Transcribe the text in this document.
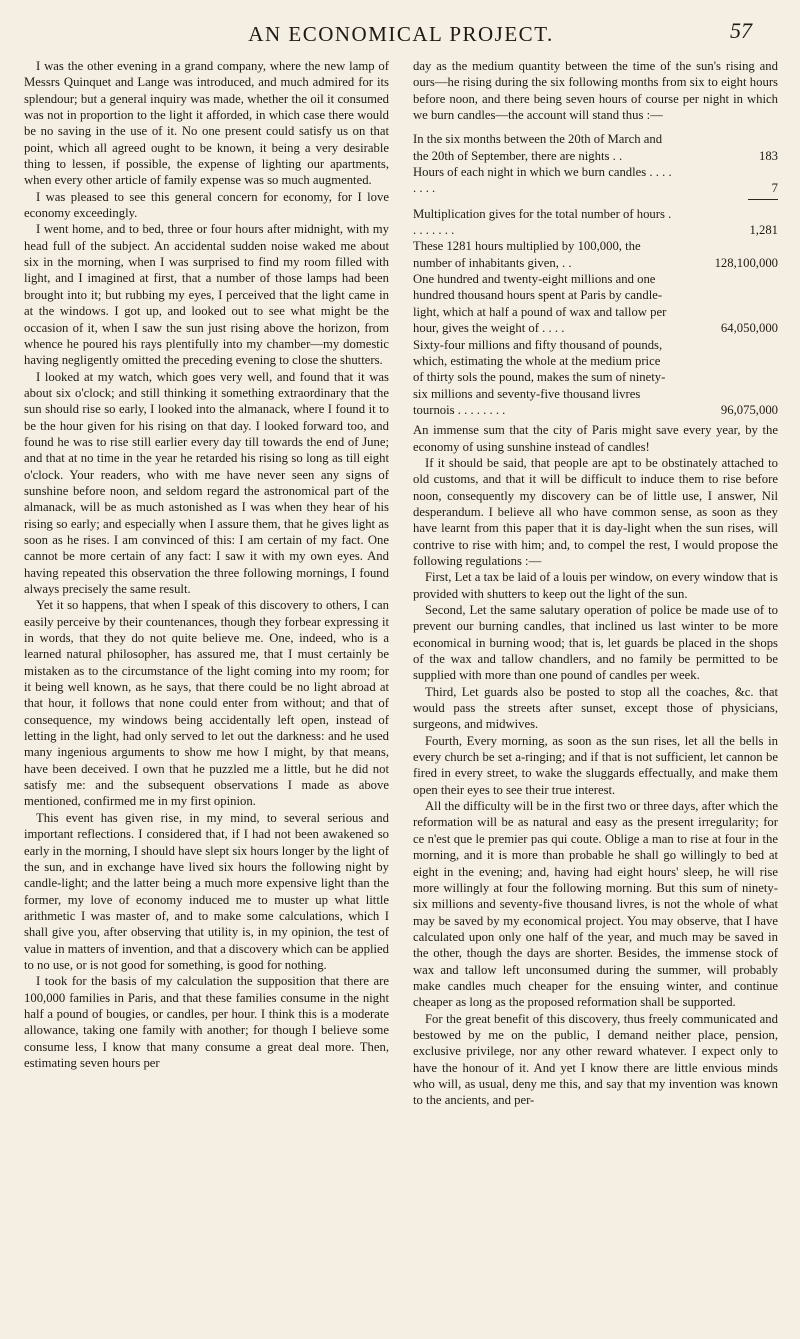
AN ECONOMICAL PROJECT.	57

I was the other evening in a grand company, where the new lamp of Messrs Quinquet and Lange was introduced, and much admired for its splendour; but a general inquiry was made, whether the oil it consumed was not in proportion to the light it afforded, in which case there would be no saving in the use of it. No one present could satisfy us on that point, which all agreed ought to be known, it being a very desirable thing to lessen, if possible, the expense of lighting our apartments, when every other article of family expense was so much augmented.

I was pleased to see this general concern for economy, for I love economy exceedingly.

I went home, and to bed, three or four hours after midnight, with my head full of the subject. An accidental sudden noise waked me about six in the morning, when I was surprised to find my room filled with light, and I imagined at first, that a number of those lamps had been brought into it; but rubbing my eyes, I perceived that the light came in at the windows. I got up, and looked out to see what might be the occasion of it, when I saw the sun just rising above the horizon, from whence he poured his rays plentifully into my chamber—my domestic having negligently omitted the preceding evening to close the shutters.

I looked at my watch, which goes very well, and found that it was about six o'clock; and still thinking it something extraordinary that the sun should rise so early, I looked into the almanack, where I found it to be the hour given for his rising on that day. I looked forward too, and found he was to rise still earlier every day till towards the end of June; and that at no time in the year he retarded his rising so long as till eight o'clock. Your readers, who with me have never seen any signs of sunshine before noon, and seldom regard the astronomical part of the almanack, will be as much astonished as I was when they hear of his rising so early; and especially when I assure them, that he gives light as soon as he rises. I am convinced of this: I am certain of my fact. One cannot be more certain of any fact: I saw it with my own eyes. And having repeated this observation the three following mornings, I found always precisely the same result.

Yet it so happens, that when I speak of this discovery to others, I can easily perceive by their countenances, though they forbear expressing it in words, that they do not quite believe me. One, indeed, who is a learned natural philosopher, has assured me, that I must certainly be mistaken as to the circumstance of the light coming into my room; for it being well known, as he says, that there could be no light abroad at that hour, it follows that none could enter from without; and that of consequence, my windows being accidentally left open, instead of letting in the light, had only served to let out the darkness: and he used many ingenious arguments to show me how I might, by that means, have been deceived. I own that he puzzled me a little, but he did not satisfy me: and the subsequent observations I made as above mentioned, confirmed me in my first opinion.

This event has given rise, in my mind, to several serious and important reflections. I considered that, if I had not been awakened so early in the morning, I should have slept six hours longer by the light of the sun, and in exchange have lived six hours the following night by candle-light; and the latter being a much more expensive light than the former, my love of economy induced me to muster up what little arithmetic I was master of, and to make some calculations, which I shall give you, after observing that utility is, in my opinion, the test of value in matters of invention, and that a discovery which can be applied to no use, or is not good for something, is good for nothing.

I took for the basis of my calculation the supposition that there are 100,000 families in Paris, and that these families consume in the night half a pound of bougies, or candles, per hour. I think this is a moderate allowance, taking one family with another; for though I believe some consume less, I know that many consume a great deal more. Then, estimating seven hours per

day as the medium quantity between the time of the sun's rising and ours—he rising during the six following months from six to eight hours before noon, and there being seven hours of course per night in which we burn candles—the account will stand thus :—

In the six months between the 20th of March and the 20th of September, there are nights . .	183
Hours of each night in which we burn candles . . . . . . . .	7
Multiplication gives for the total number of hours . . . . . . . .	1,281
These 1281 hours multiplied by 100,000, the number of inhabitants given, . .	128,100,000
One hundred and twenty-eight millions and one hundred thousand hours spent at Paris by candle-light, which at half a pound of wax and tallow per hour, gives the weight of . . . .	64,050,000
Sixty-four millions and fifty thousand of pounds, which, estimating the whole at the medium price of thirty sols the pound, makes the sum of ninety-six millions and seventy-five thousand livres tournois . . . . . . . .	96,075,000

An immense sum that the city of Paris might save every year, by the economy of using sunshine instead of candles!

If it should be said, that people are apt to be obstinately attached to old customs, and that it will be difficult to induce them to rise before noon, consequently my discovery can be of little use, I answer, Nil desperandum. I believe all who have common sense, as soon as they have learnt from this paper that it is day-light when the sun rises, will contrive to rise with him; and, to compel the rest, I would propose the following regulations :—

First, Let a tax be laid of a louis per window, on every window that is provided with shutters to keep out the light of the sun.

Second, Let the same salutary operation of police be made use of to prevent our burning candles, that inclined us last winter to be more economical in burning wood; that is, let guards be placed in the shops of the wax and tallow chandlers, and no family be permitted to be supplied with more than one pound of candles per week.

Third, Let guards also be posted to stop all the coaches, &c. that would pass the streets after sunset, except those of physicians, surgeons, and midwives.

Fourth, Every morning, as soon as the sun rises, let all the bells in every church be set a-ringing; and if that is not sufficient, let cannon be fired in every street, to wake the sluggards effectually, and make them open their eyes to see their true interest.

All the difficulty will be in the first two or three days, after which the reformation will be as natural and easy as the present irregularity; for ce n'est que le premier pas qui coute. Oblige a man to rise at four in the morning, and it is more than probable he shall go willingly to bed at eight in the evening; and, having had eight hours' sleep, he will rise more willingly at four the following morning. But this sum of ninety-six millions and seventy-five thousand livres, is not the whole of what may be saved by my economical project. You may observe, that I have calculated upon only one half of the year, and much may be saved in the other, though the days are shorter. Besides, the immense stock of wax and tallow left unconsumed during the summer, will probably make candles much cheaper for the ensuing winter, and continue cheaper as long as the proposed reformation shall be supported.

For the great benefit of this discovery, thus freely communicated and bestowed by me on the public, I demand neither place, pension, exclusive privilege, nor any other reward whatever. I expect only to have the honour of it. And yet I know there are little envious minds who will, as usual, deny me this, and say that my invention was known to the ancients, and per-
